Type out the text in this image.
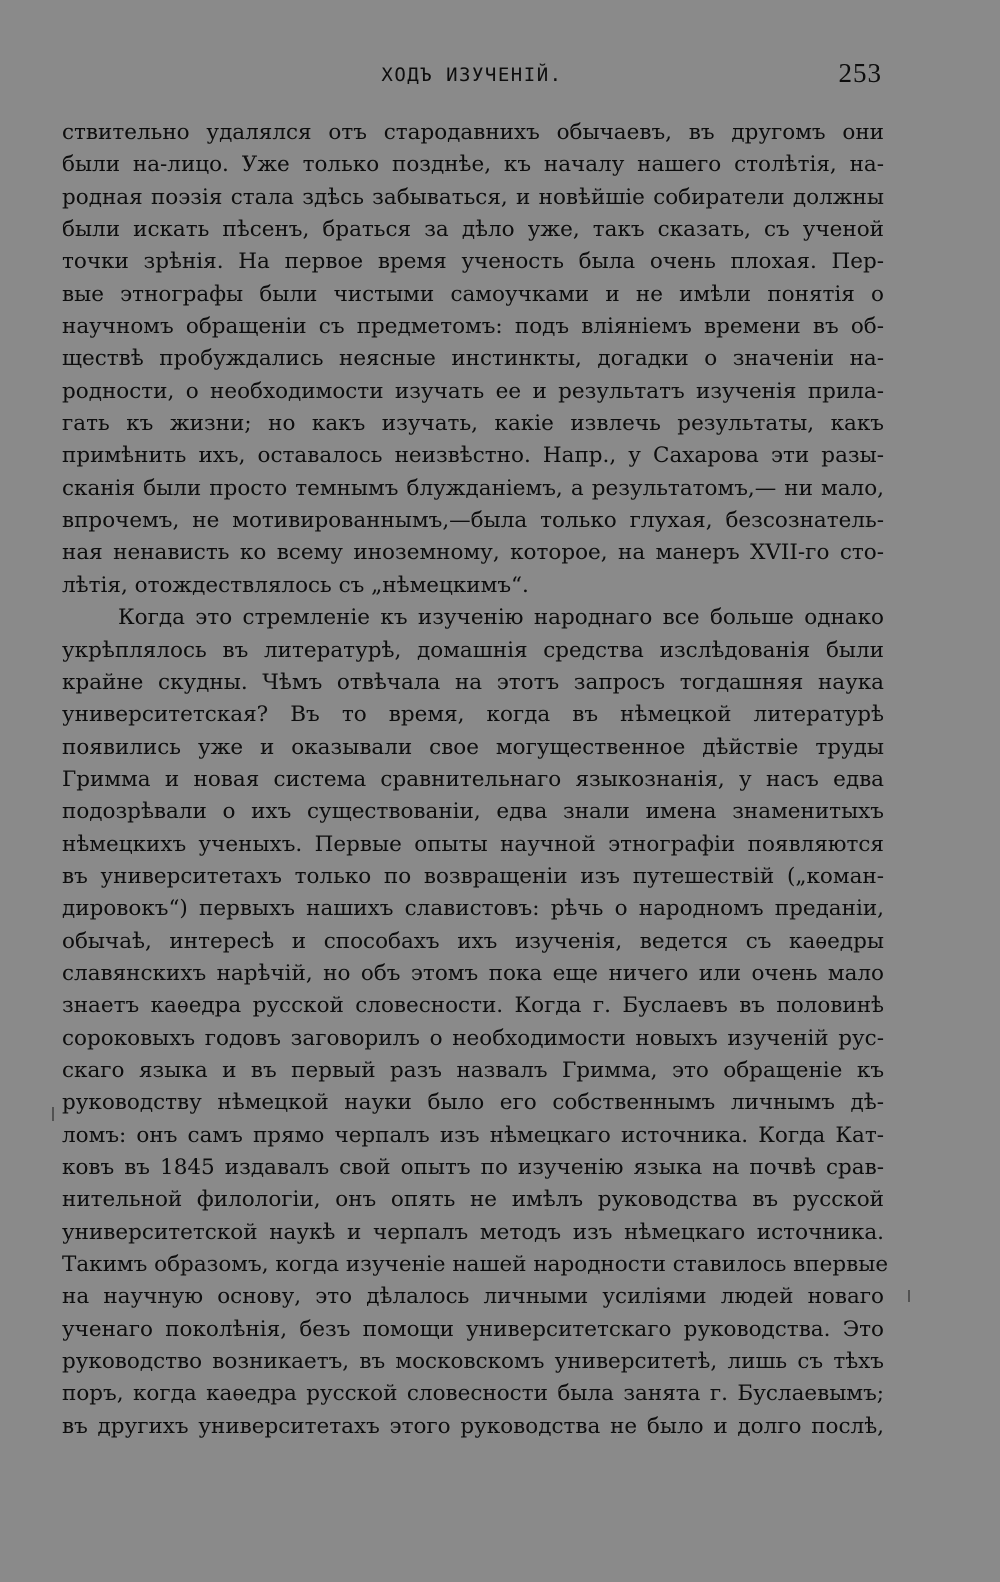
ХОДЪ ИЗУЧЕНІЙ.	253
ствительно удалялся отъ стародавнихъ обычаевъ, въ другомъ они
были на-лицо. Уже только позднѣе, къ началу нашего столѣтія, на-
родная поэзія стала здѣсь забываться, и новѣйшіе собиратели должны
были искать пѣсенъ, браться за дѣло уже, такъ сказать, съ ученой
точки зрѣнія. На первое время ученость была очень плохая. Пер-
вые этнографы были чистыми самоучками и не имѣли понятія о
научномъ обращеніи съ предметомъ: подъ вліяніемъ времени въ об-
ществѣ пробуждались неясные инстинкты, догадки о значеніи на-
родности, о необходимости изучать ее и результатъ изученія прила-
гать къ жизни; но какъ изучать, какіе извлечь результаты, какъ
примѣнить ихъ, оставалось неизвѣстно. Напр., у Сахарова эти разы-
сканія были просто темнымъ блужданіемъ, а результатомъ,— ни мало,
впрочемъ, не мотивированнымъ,—была только глухая, безсознатель-
ная ненависть ко всему иноземному, которое, на манеръ XVII-го сто-
лѣтія, отождествлялось съ „нѣмецкимъ“.
Когда это стремленіе къ изученію народнаго все больше однако
укрѣплялось въ литературѣ, домашнія средства изслѣдованія были
крайне скудны. Чѣмъ отвѣчала на этотъ запросъ тогдашняя наука
университетская? Въ то время, когда въ нѣмецкой литературѣ
появились уже и оказывали свое могущественное дѣйствіе труды
Гримма и новая система сравнительнаго языкознанія, у насъ едва
подозрѣвали о ихъ существованіи, едва знали имена знаменитыхъ
нѣмецкихъ ученыхъ. Первые опыты научной этнографіи появляются
въ университетахъ только по возвращеніи изъ путешествій („коман-
дировокъ“) первыхъ нашихъ славистовъ: рѣчь о народномъ преданіи,
обычаѣ, интересѣ и способахъ ихъ изученія, ведется съ каѳедры
славянскихъ нарѣчій, но объ этомъ пока еще ничего или очень мало
знаетъ каѳедра русской словесности. Когда г. Буслаевъ въ половинѣ
сороковыхъ годовъ заговорилъ о необходимости новыхъ изученій рус-
скаго языка и въ первый разъ назвалъ Гримма, это обращеніе къ
руководству нѣмецкой науки было его собственнымъ личнымъ дѣ-
ломъ: онъ самъ прямо черпалъ изъ нѣмецкаго источника. Когда Кат-
ковъ въ 1845 издавалъ свой опытъ по изученію языка на почвѣ срав-
нительной филологіи, онъ опять не имѣлъ руководства въ русской
университетской наукѣ и черпалъ методъ изъ нѣмецкаго источника.
Такимъ образомъ, когда изученіе нашей народности ставилось впервые
на научную основу, это дѣлалось личными усиліями людей новаго
ученаго поколѣнія, безъ помощи университетскаго руководства. Это
руководство возникаетъ, въ московскомъ университетѣ, лишь съ тѣхъ
поръ, когда каѳедра русской словесности была занята г. Буслаевымъ;
въ другихъ университетахъ этого руководства не было и долго послѣ,
